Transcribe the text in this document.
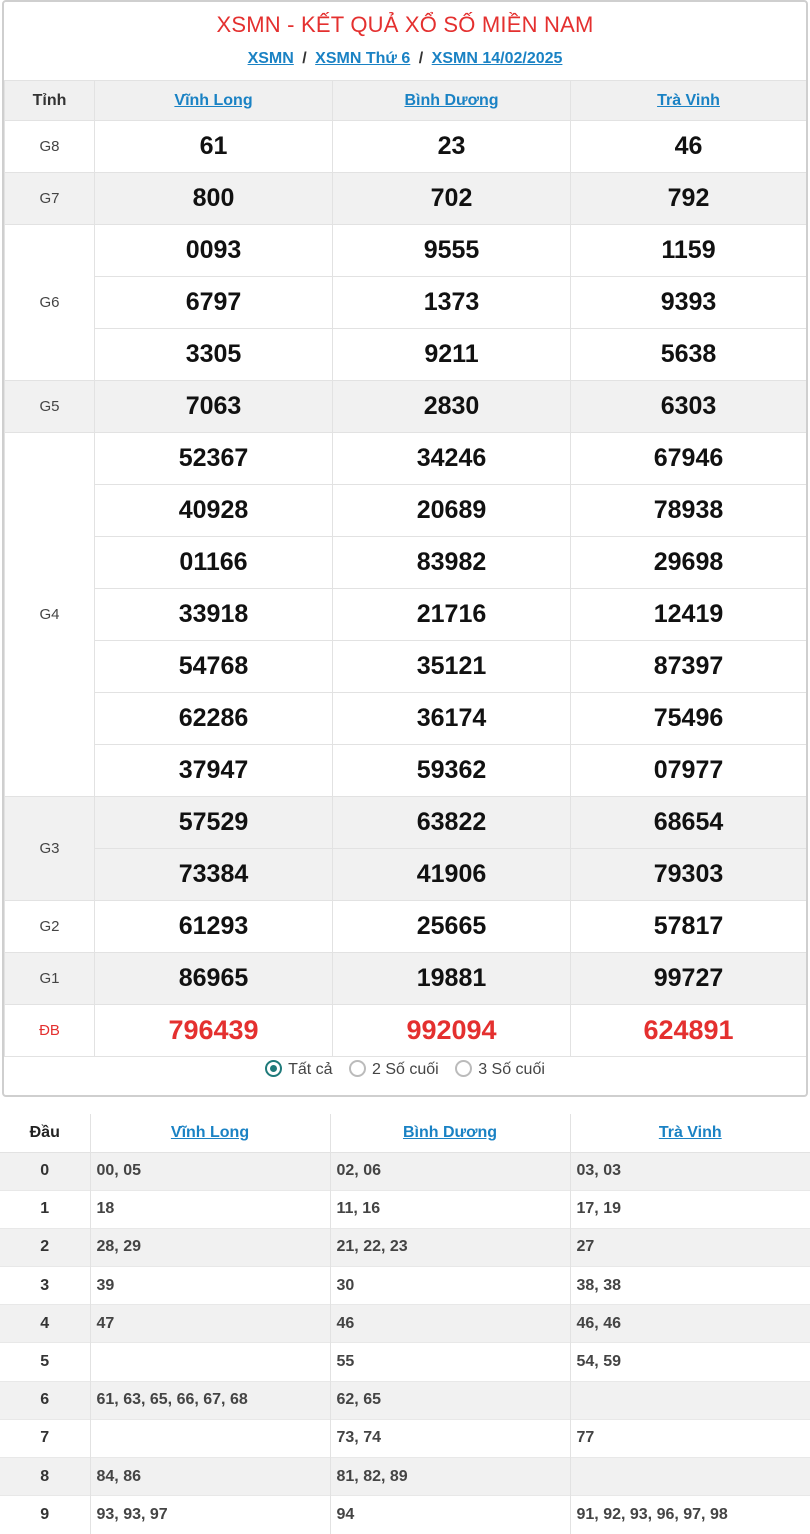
XSMN - KẾT QUẢ XỔ SỐ MIỀN NAM
XSMN / XSMN Thứ 6 / XSMN 14/02/2025
Tỉnh	Vĩnh Long	Bình Dương	Trà Vinh
G8	61	23	46
G7	800	702	792
G6	0093	9555	1159
	6797	1373	9393
	3305	9211	5638
G5	7063	2830	6303
G4	52367	34246	67946
	40928	20689	78938
	01166	83982	29698
	33918	21716	12419
	54768	35121	87397
	62286	36174	75496
	37947	59362	07977
G3	57529	63822	68654
	73384	41906	79303
G2	61293	25665	57817
G1	86965	19881	99727
ĐB	796439	992094	624891
Tất cả 2 Số cuối 3 Số cuối
Đầu	Vĩnh Long	Bình Dương	Trà Vinh
0	00, 05	02, 06	03, 03
1	18	11, 16	17, 19
2	28, 29	21, 22, 23	27
3	39	30	38, 38
4	47	46	46, 46
5		55	54, 59
6	61, 63, 65, 66, 67, 68	62, 65	
7		73, 74	77
8	84, 86	81, 82, 89	
9	93, 93, 97	94	91, 92, 93, 96, 97, 98
